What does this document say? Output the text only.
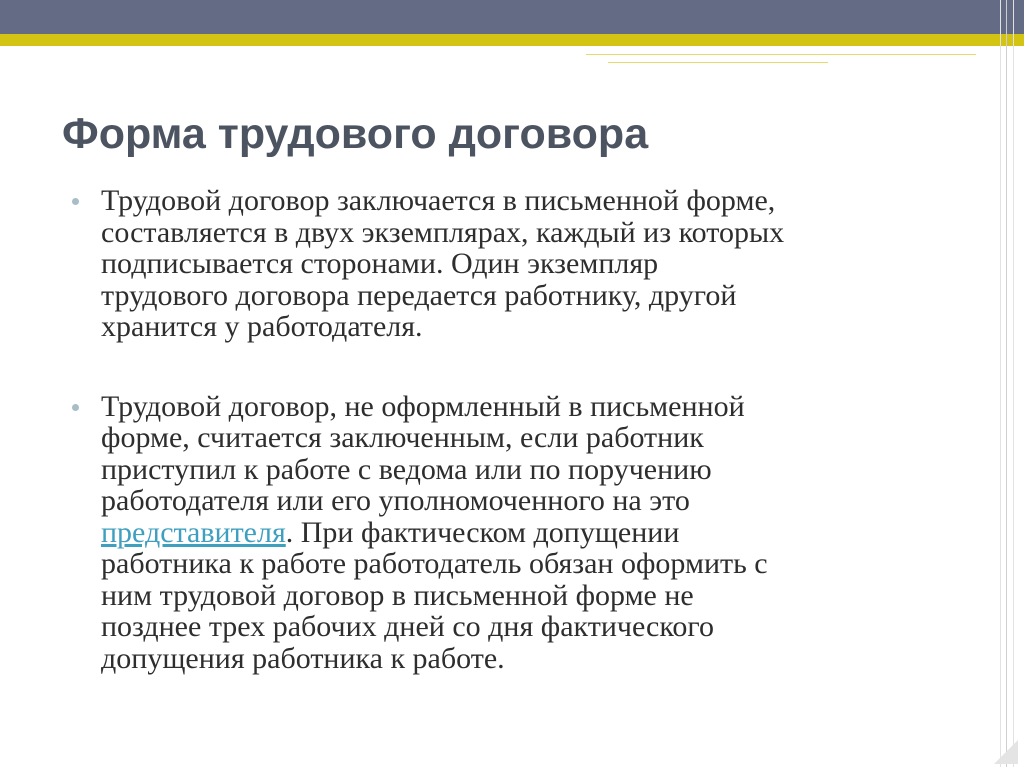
Форма трудового договора
Трудовой договор заключается в письменной форме,
составляется в двух экземплярах, каждый из которых
подписывается сторонами. Один экземпляр
трудового договора передается работнику, другой
хранится у работодателя.
Трудовой договор, не оформленный в письменной
форме, считается заключенным, если работник
приступил к работе с ведома или по поручению
работодателя или его уполномоченного на это
представителя. При фактическом допущении
работника к работе работодатель обязан оформить с
ним трудовой договор в письменной форме не
позднее трех рабочих дней со дня фактического
допущения работника к работе.
